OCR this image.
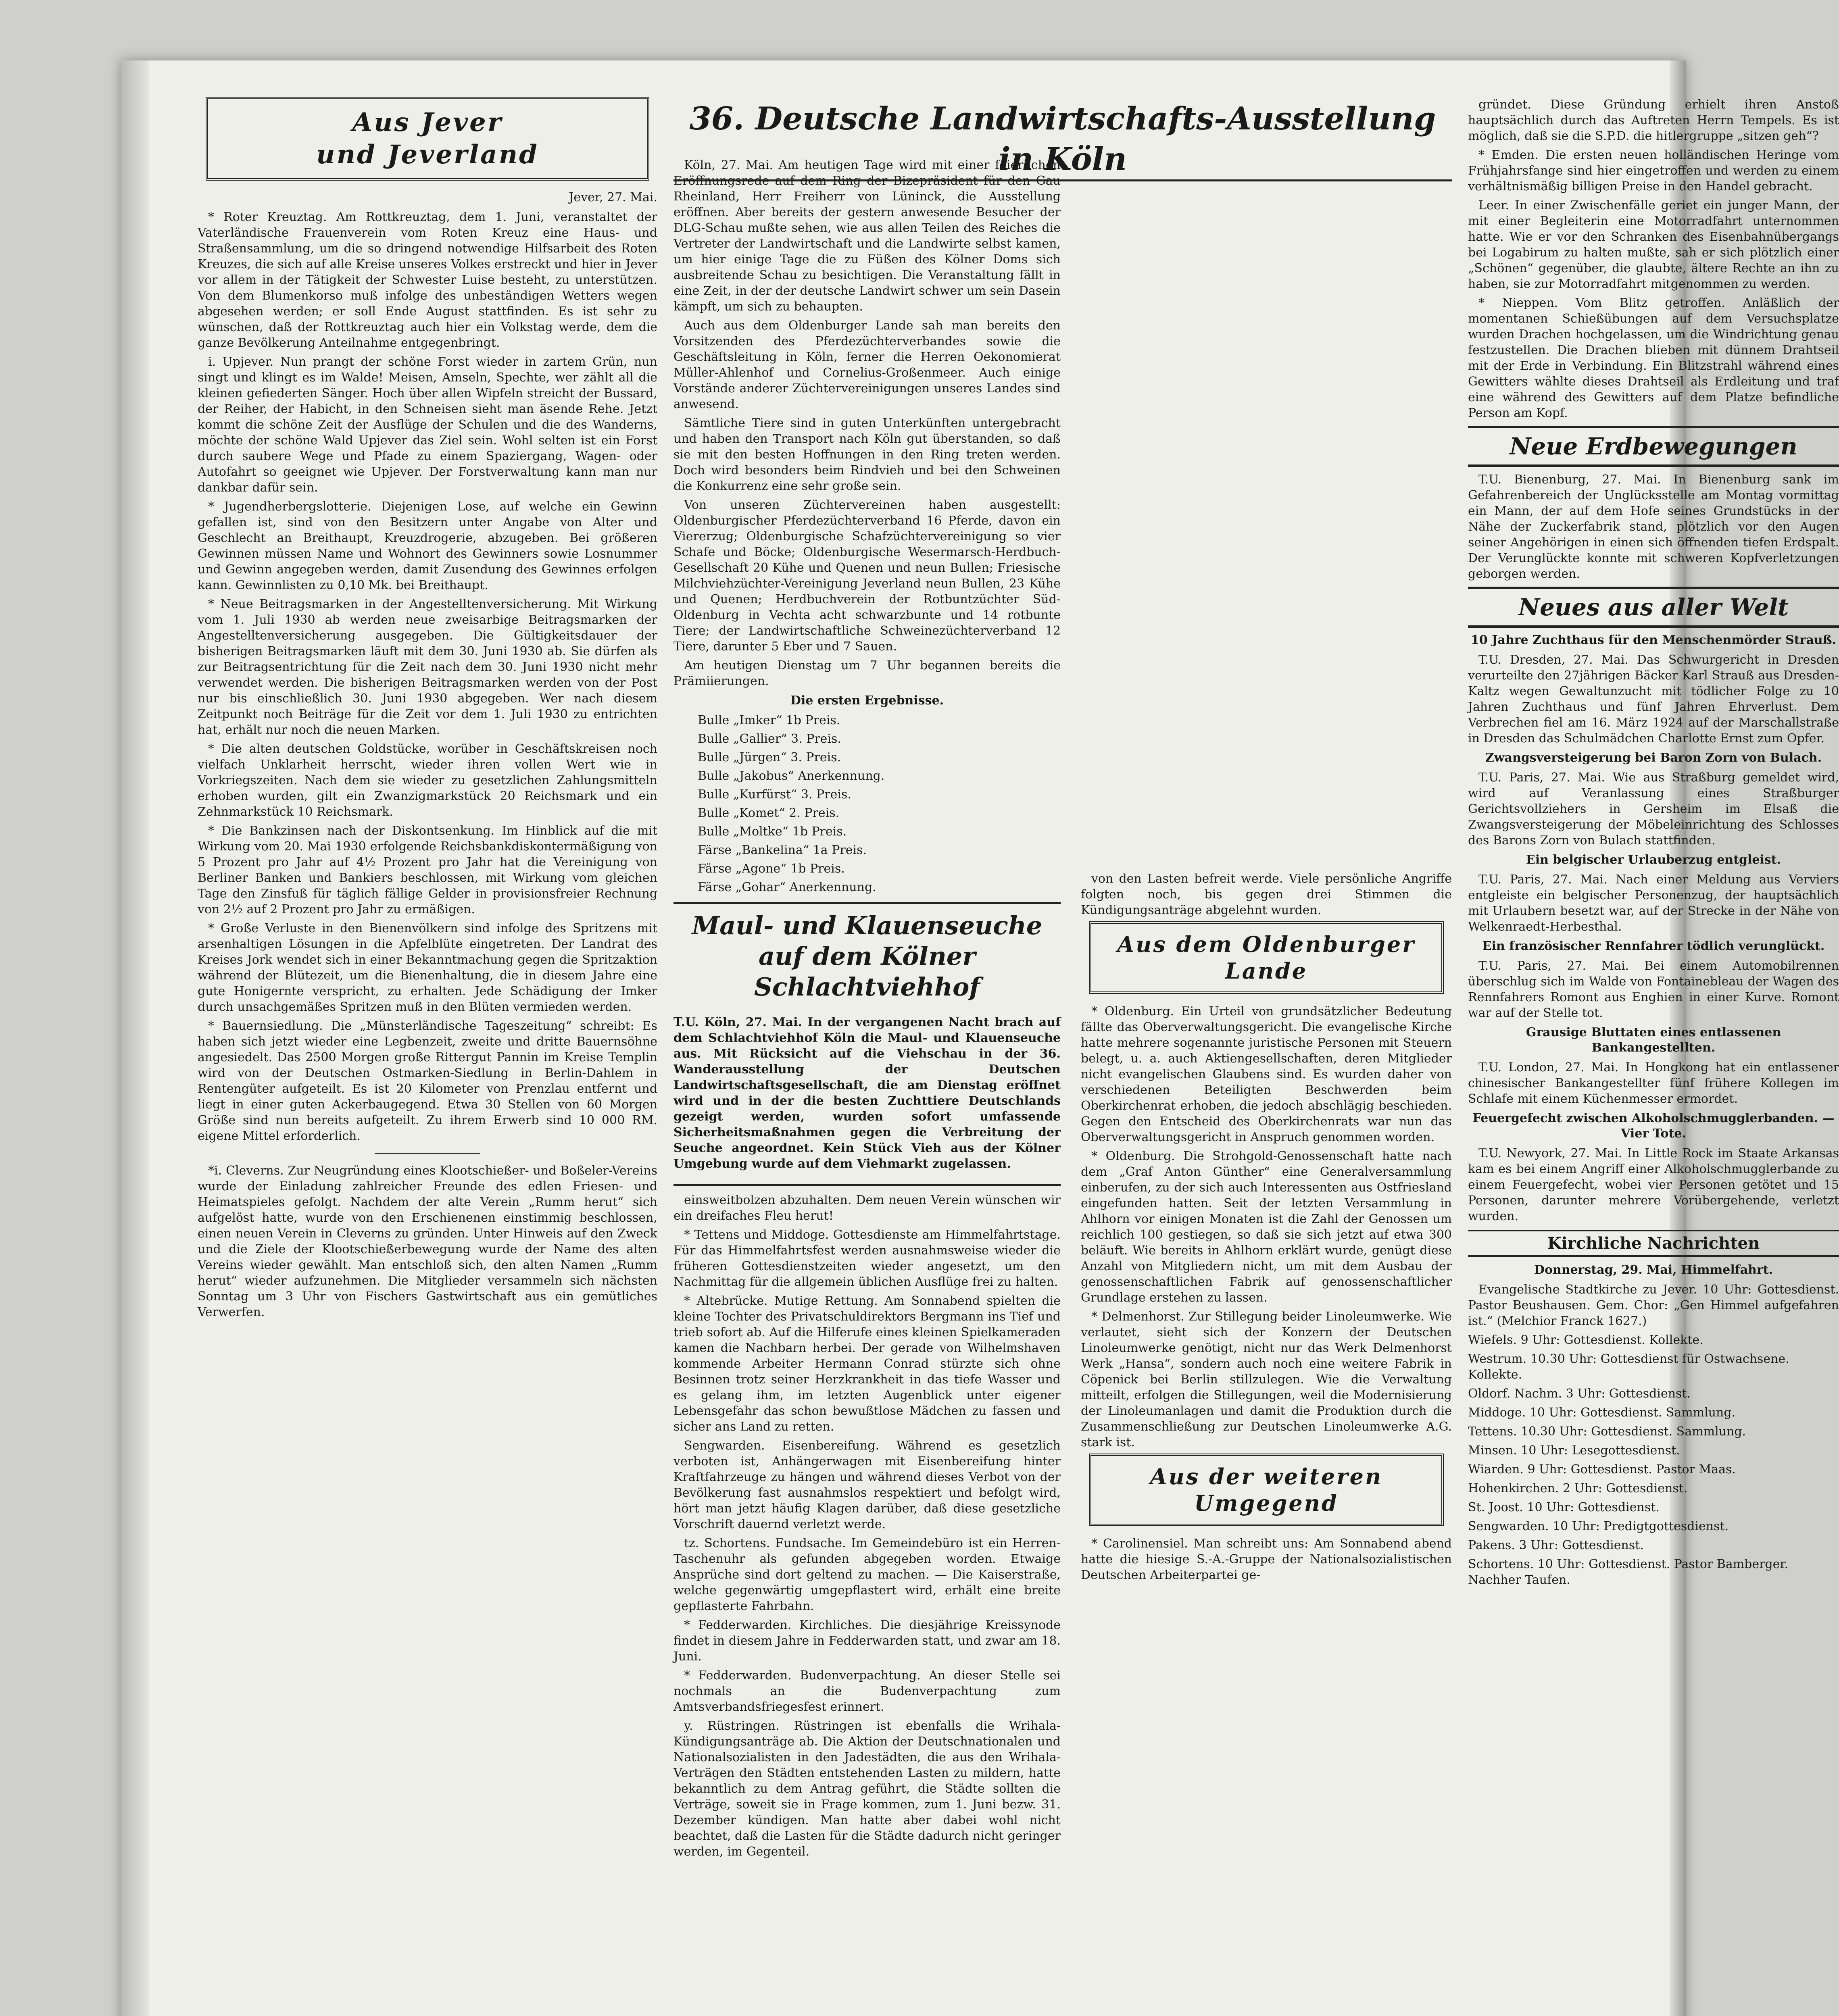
36. Deutsche Landwirtschafts-Ausstellung in Köln
Aus Jever
und Jeverland
Jever, 27. Mai.

* Roter Kreuztag. Am Rottkreuztag, dem 1. Juni, veranstaltet der Vaterländische Frauenverein vom Roten Kreuz eine Haus- und Straßensammlung, um die so dringend notwendige Hilfsarbeit des Roten Kreuzes, die sich auf alle Kreise unseres Volkes erstreckt und hier in Jever vor allem in der Tätigkeit der Schwester Luise besteht, zu unterstützen. Von dem Blumenkorso muß infolge des unbeständigen Wetters wegen abgesehen werden; er soll Ende August stattfinden. Es ist sehr zu wünschen, daß der Rottkreuztag auch hier ein Volkstag werde, dem die ganze Bevölkerung Anteilnahme entgegenbringt.

i. Upjever. Nun prangt der schöne Forst wieder in zartem Grün, nun singt und klingt es im Walde! Meisen, Amseln, Spechte, wer zählt all die kleinen gefiederten Sänger. Hoch über allen Wipfeln streicht der Bussard, der Reiher, der Habicht, in den Schneisen sieht man äsende Rehe. Jetzt kommt die schöne Zeit der Ausflüge der Schulen und die des Wanderns, möchte der schöne Wald Upjever das Ziel sein. Wohl selten ist ein Forst durch saubere Wege und Pfade zu einem Spaziergang, Wagen- oder Autofahrt so geeignet wie Upjever. Der Forstverwaltung kann man nur dankbar dafür sein.

* Jugendherbergslotterie. Diejenigen Lose, auf welche ein Gewinn gefallen ist, sind von den Besitzern unter Angabe von Alter und Geschlecht an Breithaupt, Kreuzdrogerie, abzugeben. Bei größeren Gewinnen müssen Name und Wohnort des Gewinners sowie Losnummer und Gewinn angegeben werden, damit Zusendung des Gewinnes erfolgen kann. Gewinnlisten zu 0,10 Mk. bei Breithaupt.

* Neue Beitragsmarken in der Angestelltenversicherung. Mit Wirkung vom 1. Juli 1930 ab werden neue zweisarbige Beitragsmarken der Angestelltenversicherung ausgegeben. Die Gültigkeitsdauer der bisherigen Beitragsmarken läuft mit dem 30. Juni 1930 ab. Sie dürfen als zur Beitragsentrichtung für die Zeit nach dem 30. Juni 1930 nicht mehr verwendet werden. Die bisherigen Beitragsmarken werden von der Post nur bis einschließlich 30. Juni 1930 abgegeben. Wer nach diesem Zeitpunkt noch Beiträge für die Zeit vor dem 1. Juli 1930 zu entrichten hat, erhält nur noch die neuen Marken.

* Die alten deutschen Goldstücke, worüber in Geschäftskreisen noch vielfach Unklarheit herrscht, wieder ihren vollen Wert wie in Vorkriegszeiten. Nach dem sie wieder zu gesetzlichen Zahlungsmitteln erhoben wurden, gilt ein Zwanzigmarkstück 20 Reichsmark und ein Zehnmarkstück 10 Reichsmark.

* Die Bankzinsen nach der Diskontsenkung. Im Hinblick auf die mit Wirkung vom 20. Mai 1930 erfolgende Reichsbankdiskontermäßigung von 5 Prozent pro Jahr auf 4½ Prozent pro Jahr hat die Vereinigung von Berliner Banken und Bankiers beschlossen, mit Wirkung vom gleichen Tage den Zinsfuß für täglich fällige Gelder in provisionsfreier Rechnung von 2½ auf 2 Prozent pro Jahr zu ermäßigen.

* Große Verluste in den Bienenvölkern sind infolge des Spritzens mit arsenhaltigen Lösungen in die Apfelblüte eingetreten. Der Landrat des Kreises Jork wendet sich in einer Bekanntmachung gegen die Spritzaktion während der Blütezeit, um die Bienenhaltung, die in diesem Jahre eine gute Honigernte verspricht, zu erhalten. Jede Schädigung der Imker durch unsachgemäßes Spritzen muß in den Blüten vermieden werden.

* Bauernsiedlung. Die „Münsterländische Tageszeitung“ schreibt: Es haben sich jetzt wieder eine Legbenzeit, zweite und dritte Bauernsöhne angesiedelt. Das 2500 Morgen große Rittergut Pannin im Kreise Templin wird von der Deutschen Ostmarken-Siedlung in Berlin-Dahlem in Rentengüter aufgeteilt. Es ist 20 Kilometer von Prenzlau entfernt und liegt in einer guten Ackerbaugegend. Etwa 30 Stellen von 60 Morgen Größe sind nun bereits aufgeteilt. Zu ihrem Erwerb sind 10 000 RM. eigene Mittel erforderlich.

*i. Cleverns. Zur Neugründung eines Klootschießer- und Boßeler-Vereins wurde der Einladung zahlreicher Freunde des edlen Friesen- und Heimatspieles gefolgt. Nachdem der alte Verein „Rumm herut“ sich aufgelöst hatte, wurde von den Erschienenen einstimmig beschlossen, einen neuen Verein in Cleverns zu gründen. Unter Hinweis auf den Zweck und die Ziele der Klootschießerbewegung wurde der Name des alten Vereins wieder gewählt. Man entschloß sich, den alten Namen „Rumm herut“ wieder aufzunehmen. Die Mitglieder versammeln sich nächsten Sonntag um 3 Uhr von Fischers Gastwirtschaft aus ein gemütliches Verwerfen.

Köln, 27. Mai. Am heutigen Tage wird mit einer feierlichen Eröffnungsrede auf dem Ring der Bizepräsident für den Gau Rheinland, Herr Freiherr von Lüninck, die Ausstellung eröffnen. Aber bereits der gestern anwesende Besucher der DLG-Schau mußte sehen, wie aus allen Teilen des Reiches die Vertreter der Landwirtschaft und die Landwirte selbst kamen, um hier einige Tage die zu Füßen des Kölner Doms sich ausbreitende Schau zu besichtigen. Die Veranstaltung fällt in eine Zeit, in der der deutsche Landwirt schwer um sein Dasein kämpft, um sich zu behaupten.

Auch aus dem Oldenburger Lande sah man bereits den Vorsitzenden des Pferdezüchterverbandes sowie die Geschäftsleitung in Köln, ferner die Herren Oekonomierat Müller-Ahlenhof und Cornelius-Großenmeer. Auch einige Vorstände anderer Züchtervereinigungen unseres Landes sind anwesend.

Sämtliche Tiere sind in guten Unterkünften untergebracht und haben den Transport nach Köln gut überstanden, so daß sie mit den besten Hoffnungen in den Ring treten werden. Doch wird besonders beim Rindvieh und bei den Schweinen die Konkurrenz eine sehr große sein.

Von unseren Züchtervereinen haben ausgestellt: Oldenburgischer Pferdezüchterverband 16 Pferde, davon ein Viererzug; Oldenburgische Schafzüchtervereinigung so vier Schafe und Böcke; Oldenburgische Wesermarsch-Herdbuch-Gesellschaft 20 Kühe und Quenen und neun Bullen; Friesische Milchviehzüchter-Vereinigung Jeverland neun Bullen, 23 Kühe und Quenen; Herdbuchverein der Rotbuntzüchter Süd-Oldenburg in Vechta acht schwarzbunte und 14 rotbunte Tiere; der Landwirtschaftliche Schweinezüchterverband 12 Tiere, darunter 5 Eber und 7 Sauen.

Am heutigen Dienstag um 7 Uhr begannen bereits die Prämiierungen.

Die ersten Ergebnisse.
Bulle „Imker“ 1b Preis.
Bulle „Gallier“ 3. Preis.
Bulle „Jürgen“ 3. Preis.
Bulle „Jakobus“ Anerkennung.
Bulle „Kurfürst“ 3. Preis.
Bulle „Komet“ 2. Preis.
Bulle „Moltke“ 1b Preis.
Färse „Bankelina“ 1a Preis.
Färse „Agone“ 1b Preis.
Färse „Gohar“ Anerkennung.
Maul- und Klauenseuche auf dem Kölner Schlachtviehhof

T.U. Köln, 27. Mai. In der vergangenen Nacht brach auf dem Schlachtviehhof Köln die Maul- und Klauenseuche aus. Mit Rücksicht auf die Viehschau in der 36. Wanderausstellung der Deutschen Landwirtschaftsgesellschaft, die am Dienstag eröffnet wird und in der die besten Zuchttiere Deutschlands gezeigt werden, wurden sofort umfassende Sicherheitsmaßnahmen gegen die Verbreitung der Seuche angeordnet. Kein Stück Vieh aus der Kölner Umgebung wurde auf dem Viehmarkt zugelassen.

einsweitbolzen abzuhalten. Dem neuen Verein wünschen wir ein dreifaches Fleu herut!

* Tettens und Middoge. Gottesdienste am Himmelfahrtstage. Für das Himmelfahrtsfest werden ausnahmsweise wieder die früheren Gottesdienstzeiten wieder angesetzt, um den Nachmittag für die allgemein üblichen Ausflüge frei zu halten.

* Altebrücke. Mutige Rettung. Am Sonnabend spielten die kleine Tochter des Privatschuldirektors Bergmann ins Tief und trieb sofort ab. Auf die Hilferufe eines kleinen Spielkameraden kamen die Nachbarn herbei. Der gerade von Wilhelmshaven kommende Arbeiter Hermann Conrad stürzte sich ohne Besinnen trotz seiner Herzkrankheit in das tiefe Wasser und es gelang ihm, im letzten Augenblick unter eigener Lebensgefahr das schon bewußtlose Mädchen zu fassen und sicher ans Land zu retten.

Sengwarden. Eisenbereifung. Während es gesetzlich verboten ist, Anhängerwagen mit Eisenbereifung hinter Kraftfahrzeuge zu hängen und während dieses Verbot von der Bevölkerung fast ausnahmslos respektiert und befolgt wird, hört man jetzt häufig Klagen darüber, daß diese gesetzliche Vorschrift dauernd verletzt werde.

tz. Schortens. Fundsache. Im Gemeindebüro ist ein Herren-Taschenuhr als gefunden abgegeben worden. Etwaige Ansprüche sind dort geltend zu machen. — Die Kaiserstraße, welche gegenwärtig umgepflastert wird, erhält eine breite gepflasterte Fahrbahn.

* Fedderwarden. Kirchliches. Die diesjährige Kreissynode findet in diesem Jahre in Fedderwarden statt, und zwar am 18. Juni.

* Fedderwarden. Budenverpachtung. An dieser Stelle sei nochmals an die Budenverpachtung zum Amtsverbandsfriegesfest erinnert.

y. Rüstringen. Rüstringen ist ebenfalls die Wrihala-Kündigungsanträge ab. Die Aktion der Deutschnationalen und Nationalsozialisten in den Jadestädten, die aus den Wrihala-Verträgen den Städten entstehenden Lasten zu mildern, hatte bekanntlich zu dem Antrag geführt, die Städte sollten die Verträge, soweit sie in Frage kommen, zum 1. Juni bezw. 31. Dezember kündigen. Man hatte aber dabei wohl nicht beachtet, daß die Lasten für die Städte dadurch nicht geringer werden, im Gegenteil.

von den Lasten befreit werde. Viele persönliche Angriffe folgten noch, bis gegen drei Stimmen die Kündigungsanträge abgelehnt wurden.

Aus dem Oldenburger
Lande

* Oldenburg. Ein Urteil von grundsätzlicher Bedeutung fällte das Oberverwaltungsgericht. Die evangelische Kirche hatte mehrere sogenannte juristische Personen mit Steuern belegt, u. a. auch Aktiengesellschaften, deren Mitglieder nicht evangelischen Glaubens sind. Es wurden daher von verschiedenen Beteiligten Beschwerden beim Oberkirchenrat erhoben, die jedoch abschlägig beschieden. Gegen den Entscheid des Oberkirchenrats war nun das Oberverwaltungsgericht in Anspruch genommen worden.

* Oldenburg. Die Strohgold-Genossenschaft hatte nach dem „Graf Anton Günther“ eine Generalversammlung einberufen, zu der sich auch Interessenten aus Ostfriesland eingefunden hatten. Seit der letzten Versammlung in Ahlhorn vor einigen Monaten ist die Zahl der Genossen um reichlich 100 gestiegen, so daß sie sich jetzt auf etwa 300 beläuft. Wie bereits in Ahlhorn erklärt wurde, genügt diese Anzahl von Mitgliedern nicht, um mit dem Ausbau der genossenschaftlichen Fabrik auf genossenschaftlicher Grundlage erstehen zu lassen.

* Delmenhorst. Zur Stillegung beider Linoleumwerke. Wie verlautet, sieht sich der Konzern der Deutschen Linoleumwerke genötigt, nicht nur das Werk Delmenhorst Werk „Hansa“, sondern auch noch eine weitere Fabrik in Cöpenick bei Berlin stillzulegen. Wie die Verwaltung mitteilt, erfolgen die Stillegungen, weil die Modernisierung der Linoleumanlagen und damit die Produktion durch die Zusammenschließung zur Deutschen Linoleumwerke A.G. stark ist.

Aus der weiteren
Umgegend

* Carolinensiel. Man schreibt uns: Am Sonnabend abend hatte die hiesige S.-A.-Gruppe der Nationalsozialistischen Deutschen Arbeiterpartei ge-

gründet. Diese Gründung erhielt ihren Anstoß hauptsächlich durch das Auftreten Herrn Tempels. Es ist möglich, daß sie die S.P.D. die hitlergruppe „sitzen geh“?

* Emden. Die ersten neuen holländischen Heringe vom Frühjahrsfange sind hier eingetroffen und werden zu einem verhältnismäßig billigen Preise in den Handel gebracht.

Leer. In einer Zwischenfälle geriet ein junger Mann, der mit einer Begleiterin eine Motorradfahrt unternommen hatte. Wie er vor den Schranken des Eisenbahnübergangs bei Logabirum zu halten mußte, sah er sich plötzlich einer „Schönen“ gegenüber, die glaubte, ältere Rechte an ihn zu haben, sie zur Motorradfahrt mitgenommen zu werden.

* Nieppen. Vom Blitz getroffen. Anläßlich der momentanen Schießübungen auf dem Versuchsplatze wurden Drachen hochgelassen, um die Windrichtung genau festzustellen. Die Drachen blieben mit dünnem Drahtseil mit der Erde in Verbindung. Ein Blitzstrahl während eines Gewitters wählte dieses Drahtseil als Erdleitung und traf eine während des Gewitters auf dem Platze befindliche Person am Kopf.

Neue Erdbewegungen

T.U. Bienenburg, 27. Mai. In Bienenburg sank im Gefahrenbereich der Unglücksstelle am Montag vormittag ein Mann, der auf dem Hofe seines Grundstücks in der Nähe der Zuckerfabrik stand, plötzlich vor den Augen seiner Angehörigen in einen sich öffnenden tiefen Erdspalt. Der Verunglückte konnte mit schweren Kopfverletzungen geborgen werden.

Neues aus aller Welt
10 Jahre Zuchthaus für den Menschenmörder Strauß.

T.U. Dresden, 27. Mai. Das Schwurgericht in Dresden verurteilte den 27jährigen Bäcker Karl Strauß aus Dresden-Kaltz wegen Gewaltunzucht mit tödlicher Folge zu 10 Jahren Zuchthaus und fünf Jahren Ehrverlust. Dem Verbrechen fiel am 16. März 1924 auf der Marschallstraße in Dresden das Schulmädchen Charlotte Ernst zum Opfer.

Zwangsversteigerung bei Baron Zorn von Bulach.

T.U. Paris, 27. Mai. Wie aus Straßburg gemeldet wird, wird auf Veranlassung eines Straßburger Gerichtsvollziehers in Gersheim im Elsaß die Zwangsversteigerung der Möbeleinrichtung des Schlosses des Barons Zorn von Bulach stattfinden.

Ein belgischer Urlauberzug entgleist.

T.U. Paris, 27. Mai. Nach einer Meldung aus Verviers entgleiste ein belgischer Personenzug, der hauptsächlich mit Urlaubern besetzt war, auf der Strecke in der Nähe von Welkenraedt-Herbesthal.

Ein französischer Rennfahrer tödlich verunglückt.

T.U. Paris, 27. Mai. Bei einem Automobilrennen überschlug sich im Walde von Fontainebleau der Wagen des Rennfahrers Romont aus Enghien in einer Kurve. Romont war auf der Stelle tot.

Grausige Bluttaten eines entlassenen Bankangestellten.

T.U. London, 27. Mai. In Hongkong hat ein entlassener chinesischer Bankangestellter fünf frühere Kollegen im Schlafe mit einem Küchenmesser ermordet.

Feuergefecht zwischen Alkoholschmugglerbanden. — Vier Tote.

T.U. Newyork, 27. Mai. In Little Rock im Staate Arkansas kam es bei einem Angriff einer Alkoholschmugglerbande zu einem Feuergefecht, wobei vier Personen getötet und 15 Personen, darunter mehrere Vorübergehende, verletzt wurden.

Kirchliche Nachrichten
Donnerstag, 29. Mai, Himmelfahrt.

Evangelische Stadtkirche zu Jever. 10 Uhr: Gottesdienst. Pastor Beushausen. Gem. Chor: „Gen Himmel aufgefahren ist.“ (Melchior Franck 1627.)

Wiefels. 9 Uhr: Gottesdienst. Kollekte.
Westrum. 10.30 Uhr: Gottesdienst für Ostwachsene. Kollekte.
Oldorf. Nachm. 3 Uhr: Gottesdienst.
Middoge. 10 Uhr: Gottesdienst. Sammlung.
Tettens. 10.30 Uhr: Gottesdienst. Sammlung.
Minsen. 10 Uhr: Lesegottesdienst.
Wiarden. 9 Uhr: Gottesdienst. Pastor Maas.
Hohenkirchen. 2 Uhr: Gottesdienst.
St. Joost. 10 Uhr: Gottesdienst.
Sengwarden. 10 Uhr: Predigtgottesdienst.
Pakens. 3 Uhr: Gottesdienst.
Schortens. 10 Uhr: Gottesdienst. Pastor Bamberger. Nachher Taufen.
